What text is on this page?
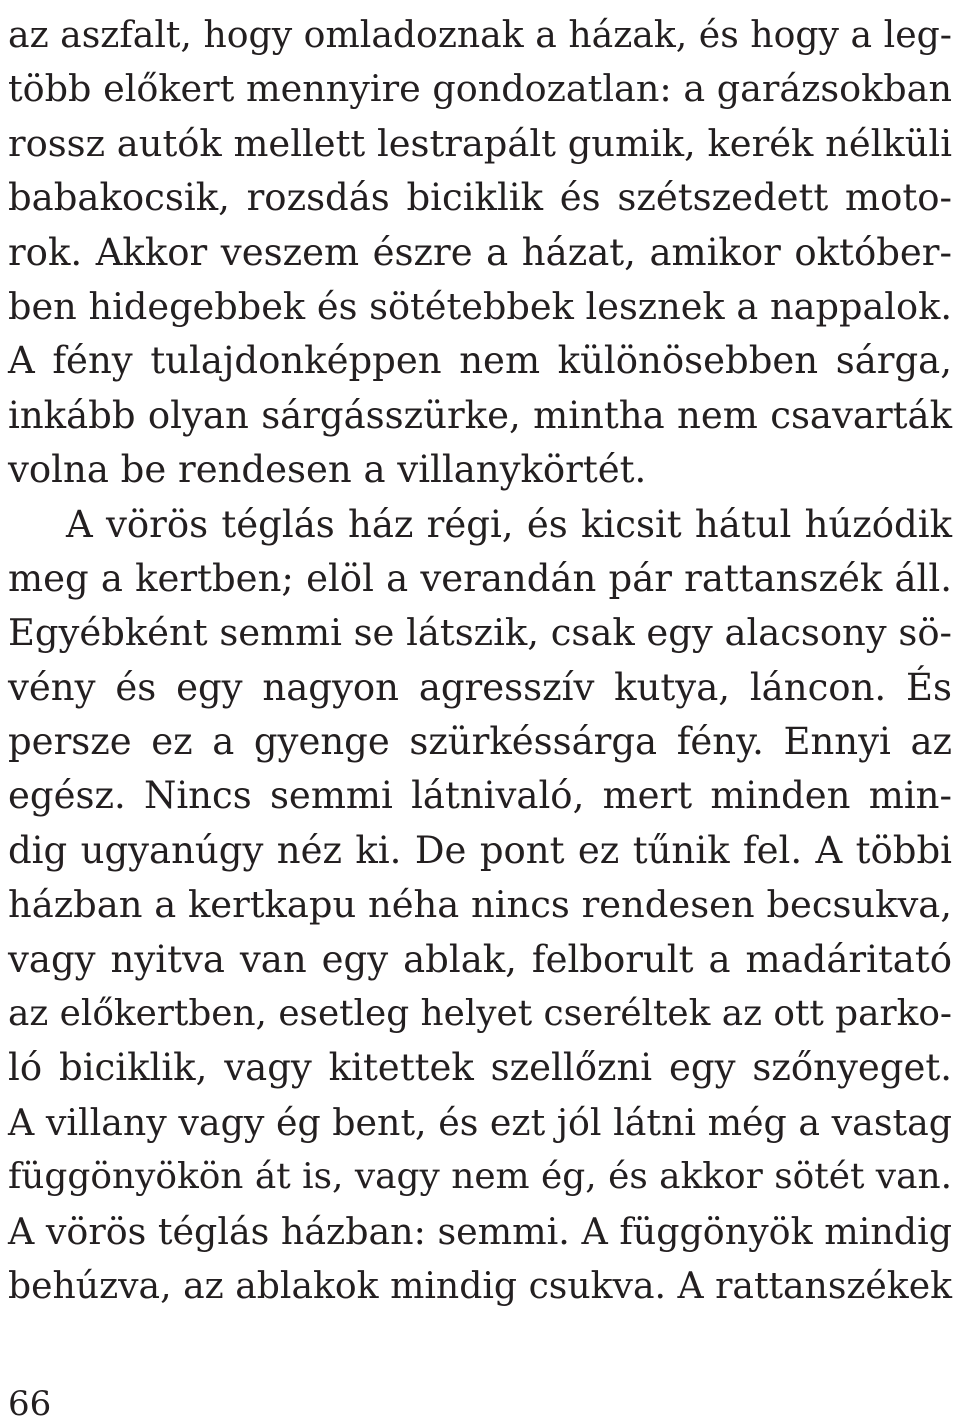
az aszfalt, hogy omladoznak a házak, és hogy a leg-
több előkert mennyire gondozatlan: a garázsokban
rossz autók mellett lestrapált gumik, kerék nélküli
babakocsik, rozsdás biciklik és szétszedett moto-
rok. Akkor veszem észre a házat, amikor október-
ben hidegebbek és sötétebbek lesznek a nappalok.
A fény tulajdonképpen nem különösebben sárga,
inkább olyan sárgásszürke, mintha nem csavarták
volna be rendesen a villanykörtét.
A vörös téglás ház régi, és kicsit hátul húzódik
meg a kertben; elöl a verandán pár rattanszék áll.
Egyébként semmi se látszik, csak egy alacsony sö-
vény és egy nagyon agresszív kutya, láncon. És
persze ez a gyenge szürkéssárga fény. Ennyi az
egész. Nincs semmi látnivaló, mert minden min-
dig ugyanúgy néz ki. De pont ez tűnik fel. A többi
házban a kertkapu néha nincs rendesen becsukva,
vagy nyitva van egy ablak, felborult a madáritató
az előkertben, esetleg helyet cseréltek az ott parko-
ló biciklik, vagy kitettek szellőzni egy szőnyeget.
A villany vagy ég bent, és ezt jól látni még a vastag
függönyökön át is, vagy nem ég, és akkor sötét van.
A vörös téglás házban: semmi. A függönyök mindig
behúzva, az ablakok mindig csukva. A rattanszékek
66
